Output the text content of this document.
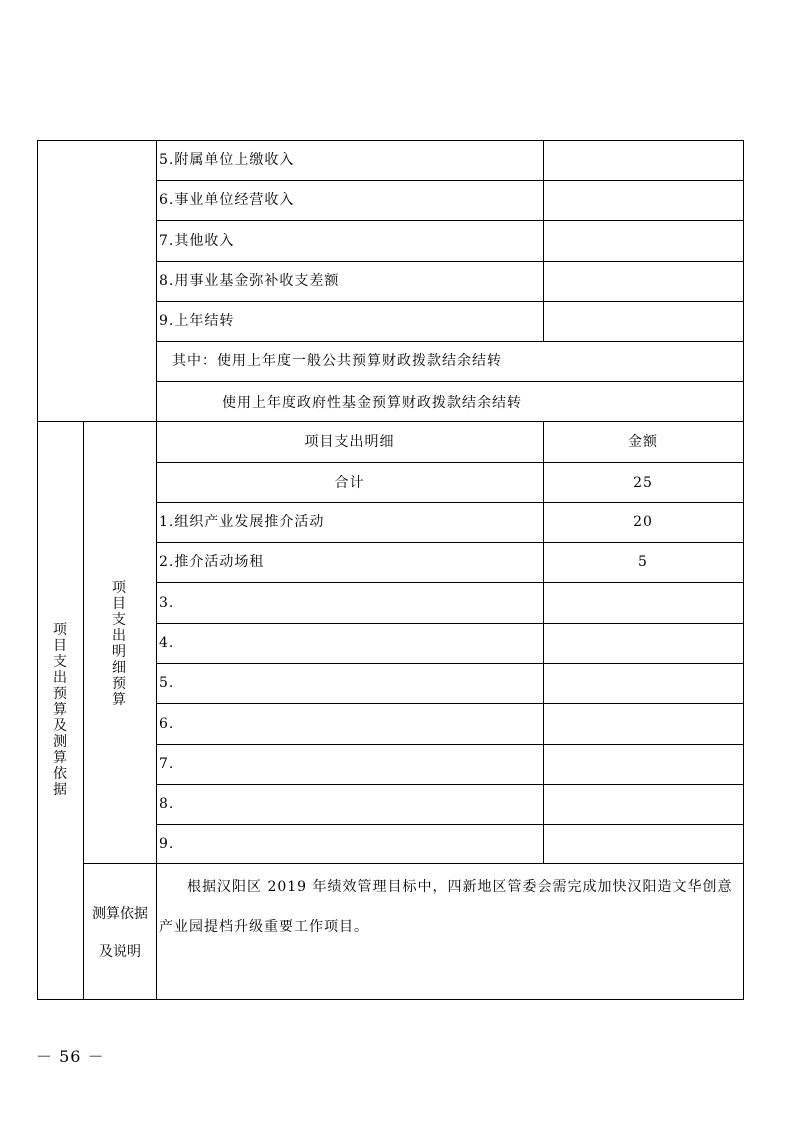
5.附属单位上缴收入
6.事业单位经营收入
7.其他收入
8.用事业基金弥补收支差额
9.上年结转
其中：使用上年度一般公共预算财政拨款结余结转
使用上年度政府性基金预算财政拨款结余结转
项目支出预算及测算依据
项目支出明细预算
项目支出明细	金额
合计	25
1.组织产业发展推介活动	20
2.推介活动场租	5
3.
4.
5.
6.
7.
8.
9.
测算依据
及说明
根据汉阳区 2019 年绩效管理目标中，四新地区管委会需完成加快汉阳造文华创意产业园提档升级重要工作项目。
－ 56 －
